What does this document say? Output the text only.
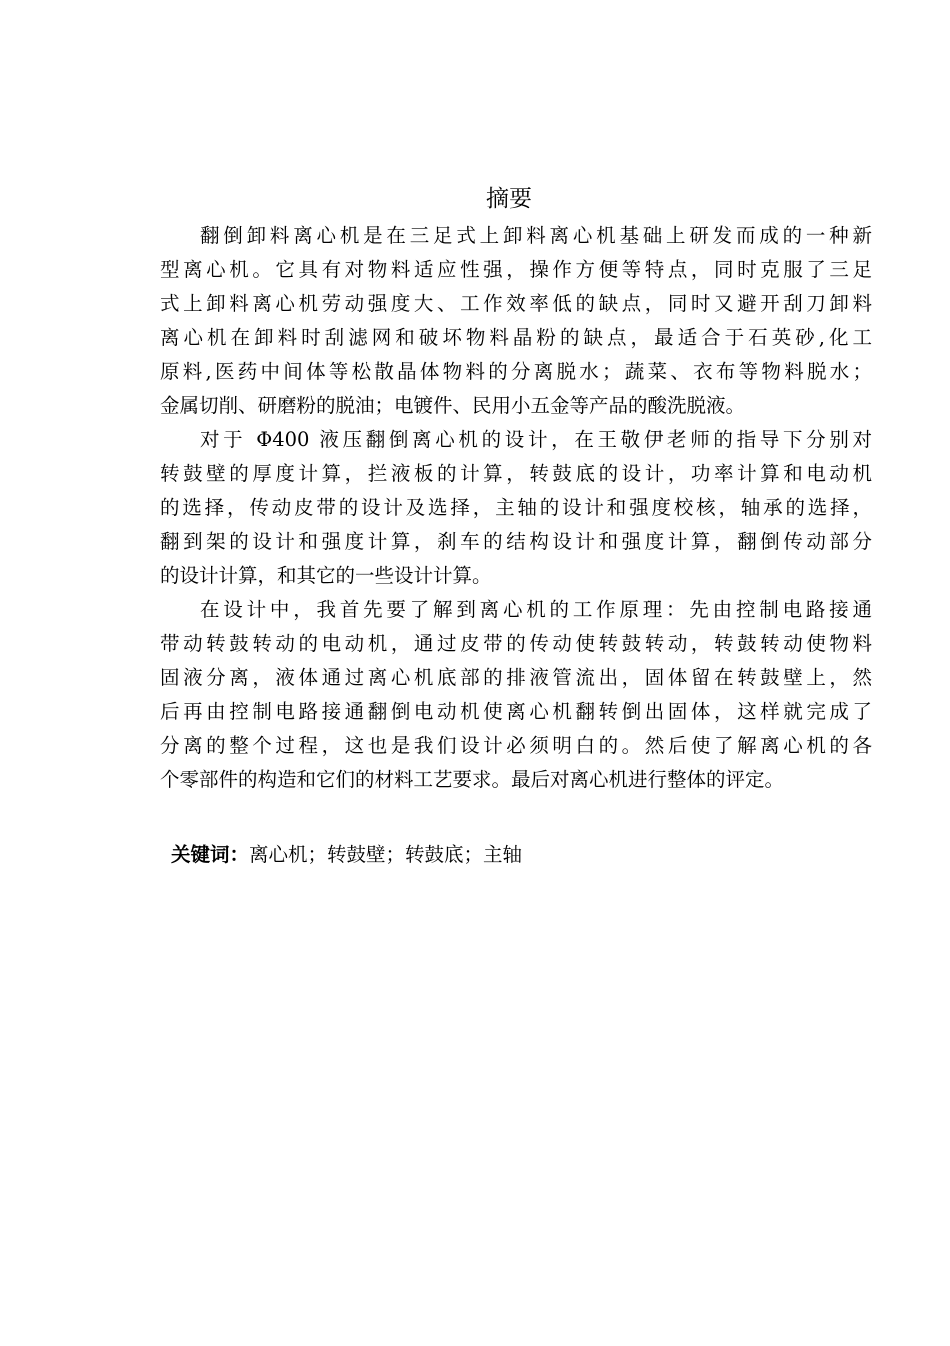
摘要
翻倒卸料离心机是在三足式上卸料离心机基础上研发而成的一种新
型离心机。它具有对物料适应性强，操作方便等特点，同时克服了三足
式上卸料离心机劳动强度大、工作效率低的缺点，同时又避开刮刀卸料
离心机在卸料时刮滤网和破坏物料晶粉的缺点，最适合于石英砂,化工
原料,医药中间体等松散晶体物料的分离脱水；蔬菜、衣布等物料脱水；
金属切削、研磨粉的脱油；电镀件、民用小五金等产品的酸洗脱液。
对于 Φ400 液压翻倒离心机的设计，在王敬伊老师的指导下分别对
转鼓壁的厚度计算，拦液板的计算，转鼓底的设计，功率计算和电动机
的选择，传动皮带的设计及选择，主轴的设计和强度校核，轴承的选择，
翻到架的设计和强度计算，刹车的结构设计和强度计算，翻倒传动部分
的设计计算，和其它的一些设计计算。
在设计中，我首先要了解到离心机的工作原理：先由控制电路接通
带动转鼓转动的电动机，通过皮带的传动使转鼓转动，转鼓转动使物料
固液分离，液体通过离心机底部的排液管流出，固体留在转鼓壁上，然
后再由控制电路接通翻倒电动机使离心机翻转倒出固体，这样就完成了
分离的整个过程，这也是我们设计必须明白的。然后使了解离心机的各
个零部件的构造和它们的材料工艺要求。最后对离心机进行整体的评定。
关键词：离心机；转鼓壁；转鼓底；主轴
